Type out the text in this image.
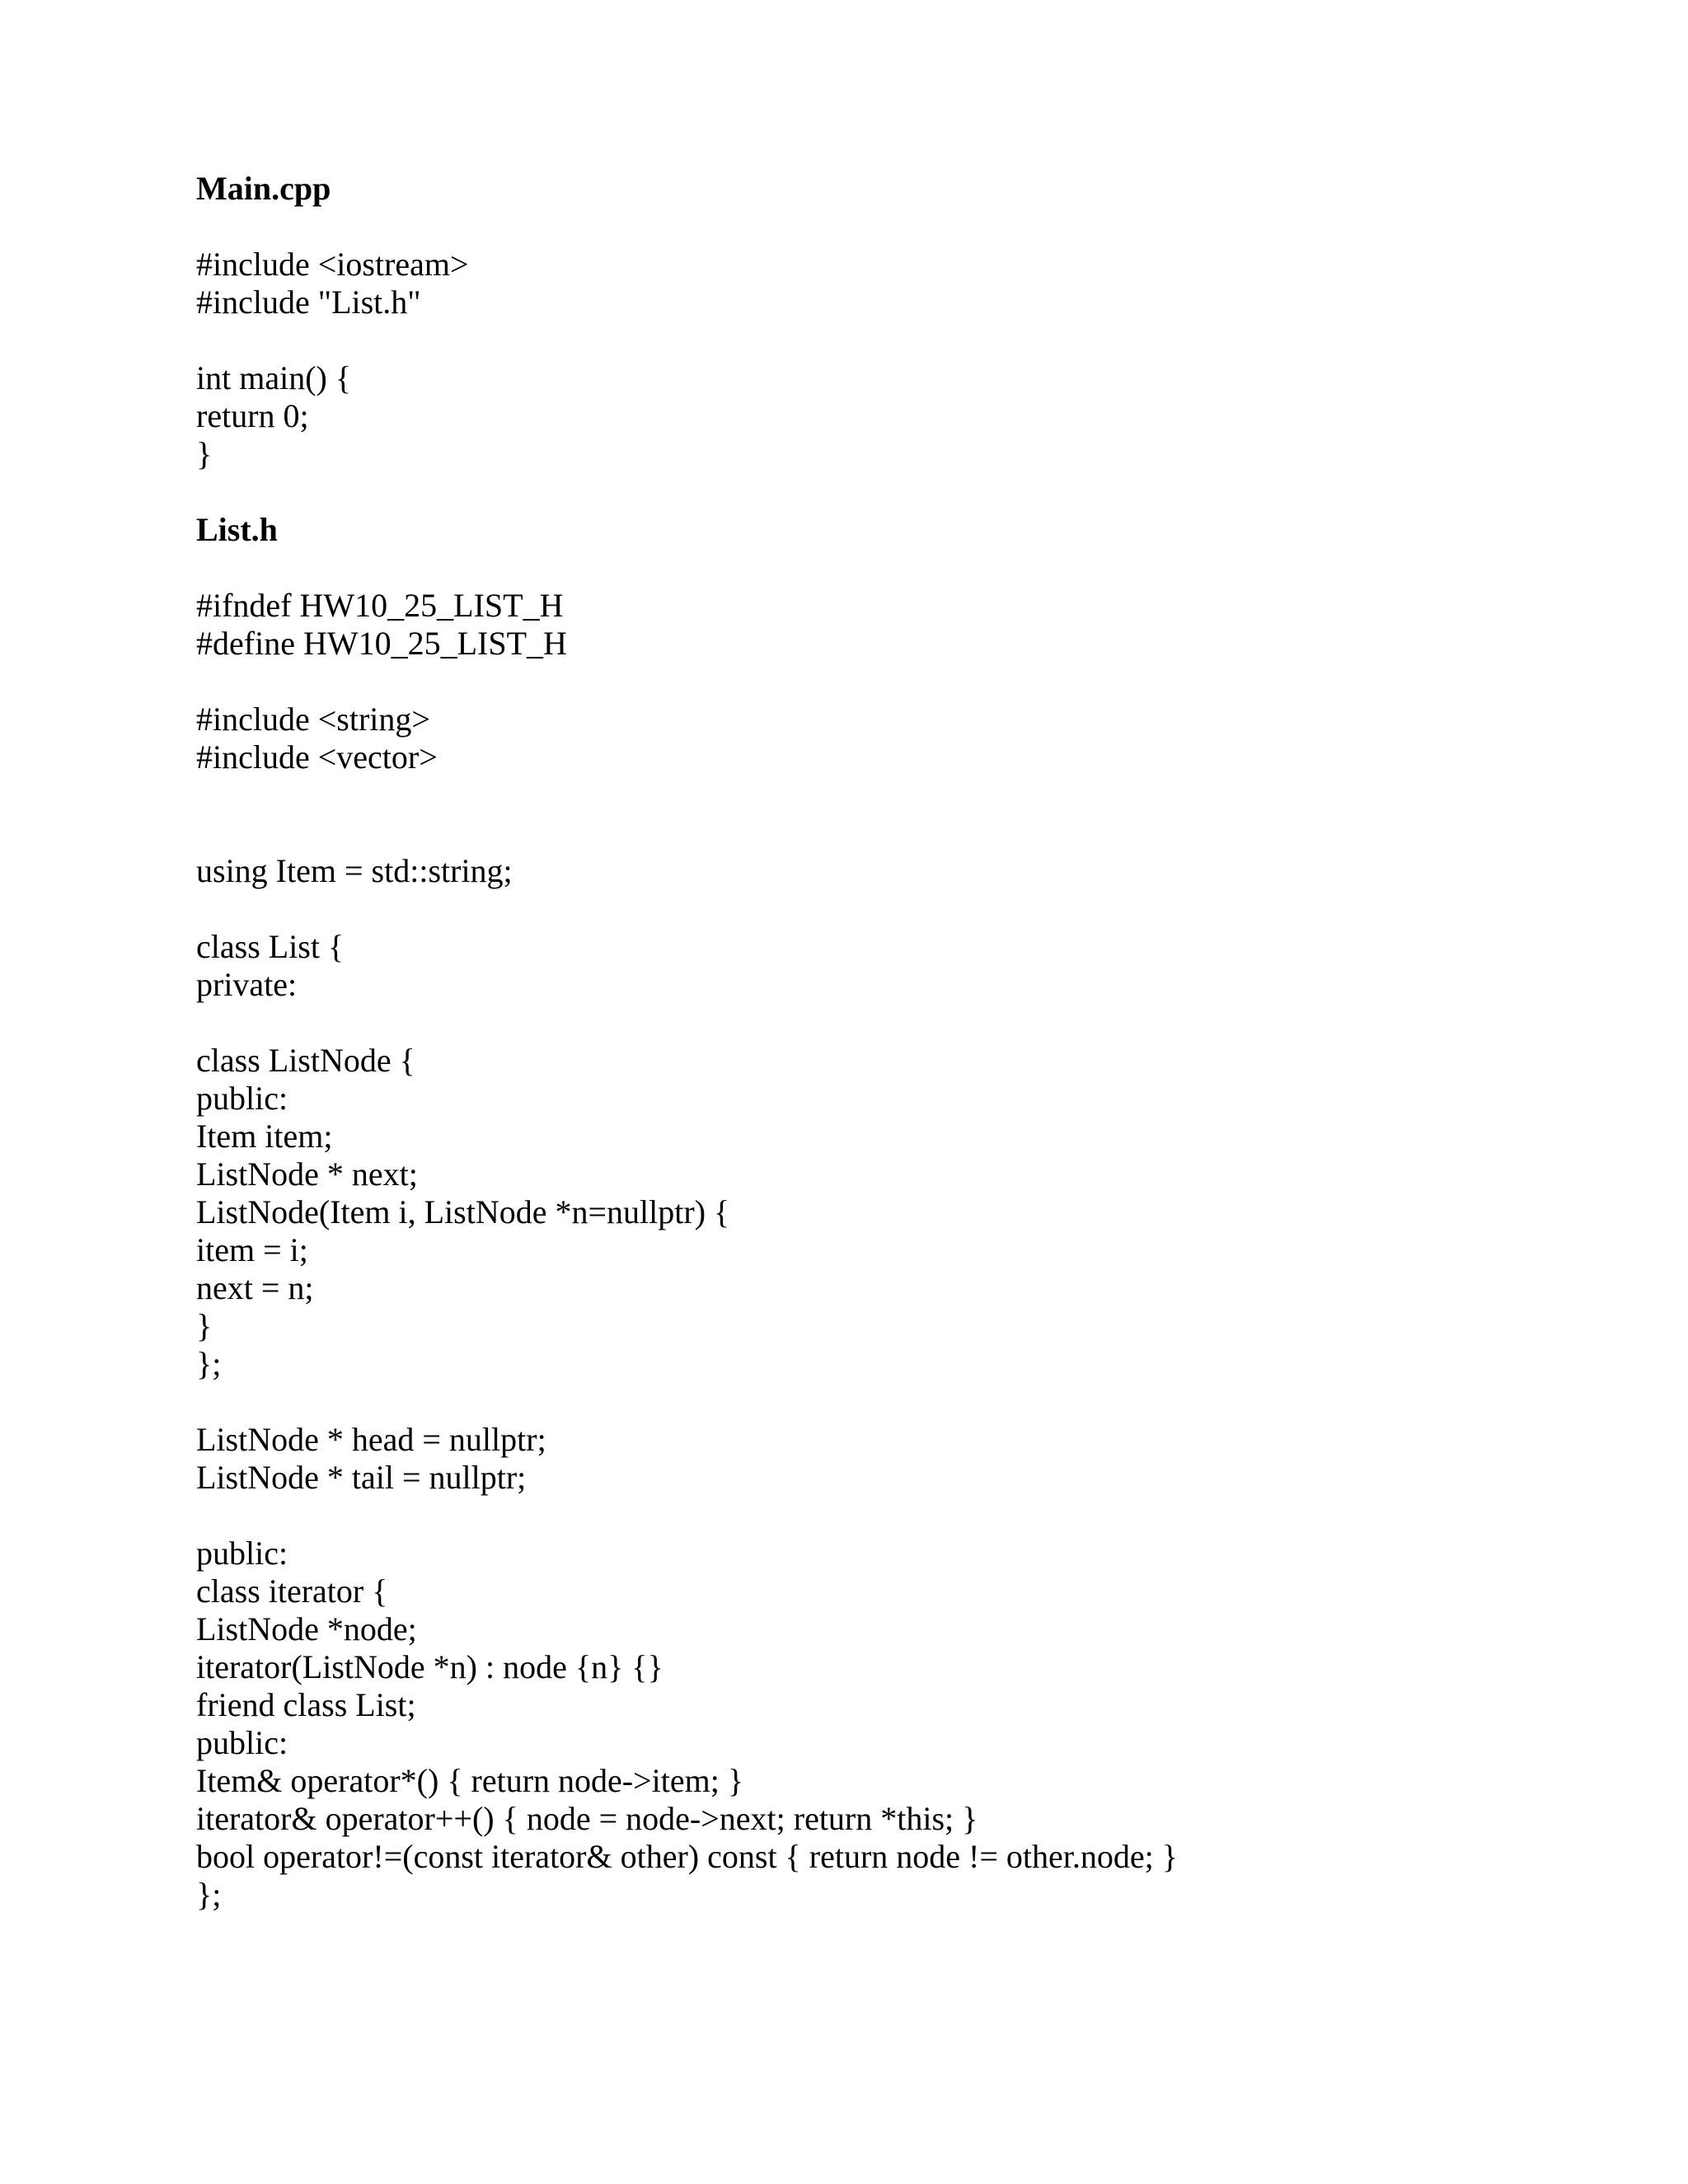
Main.cpp
#include <iostream>
#include "List.h"
int main() {
return 0;
}
List.h
#ifndef HW10_25_LIST_H
#define HW10_25_LIST_H
#include <string>
#include <vector>
using Item = std::string;
class List {
private:
class ListNode {
public:
Item item;
ListNode * next;
ListNode(Item i, ListNode *n=nullptr) {
item = i;
next = n;
}
};
ListNode * head = nullptr;
ListNode * tail = nullptr;
public:
class iterator {
ListNode *node;
iterator(ListNode *n) : node {n} {}
friend class List;
public:
Item& operator*() { return node->item; }
iterator& operator++() { node = node->next; return *this; }
bool operator!=(const iterator& other) const { return node != other.node; }
};
